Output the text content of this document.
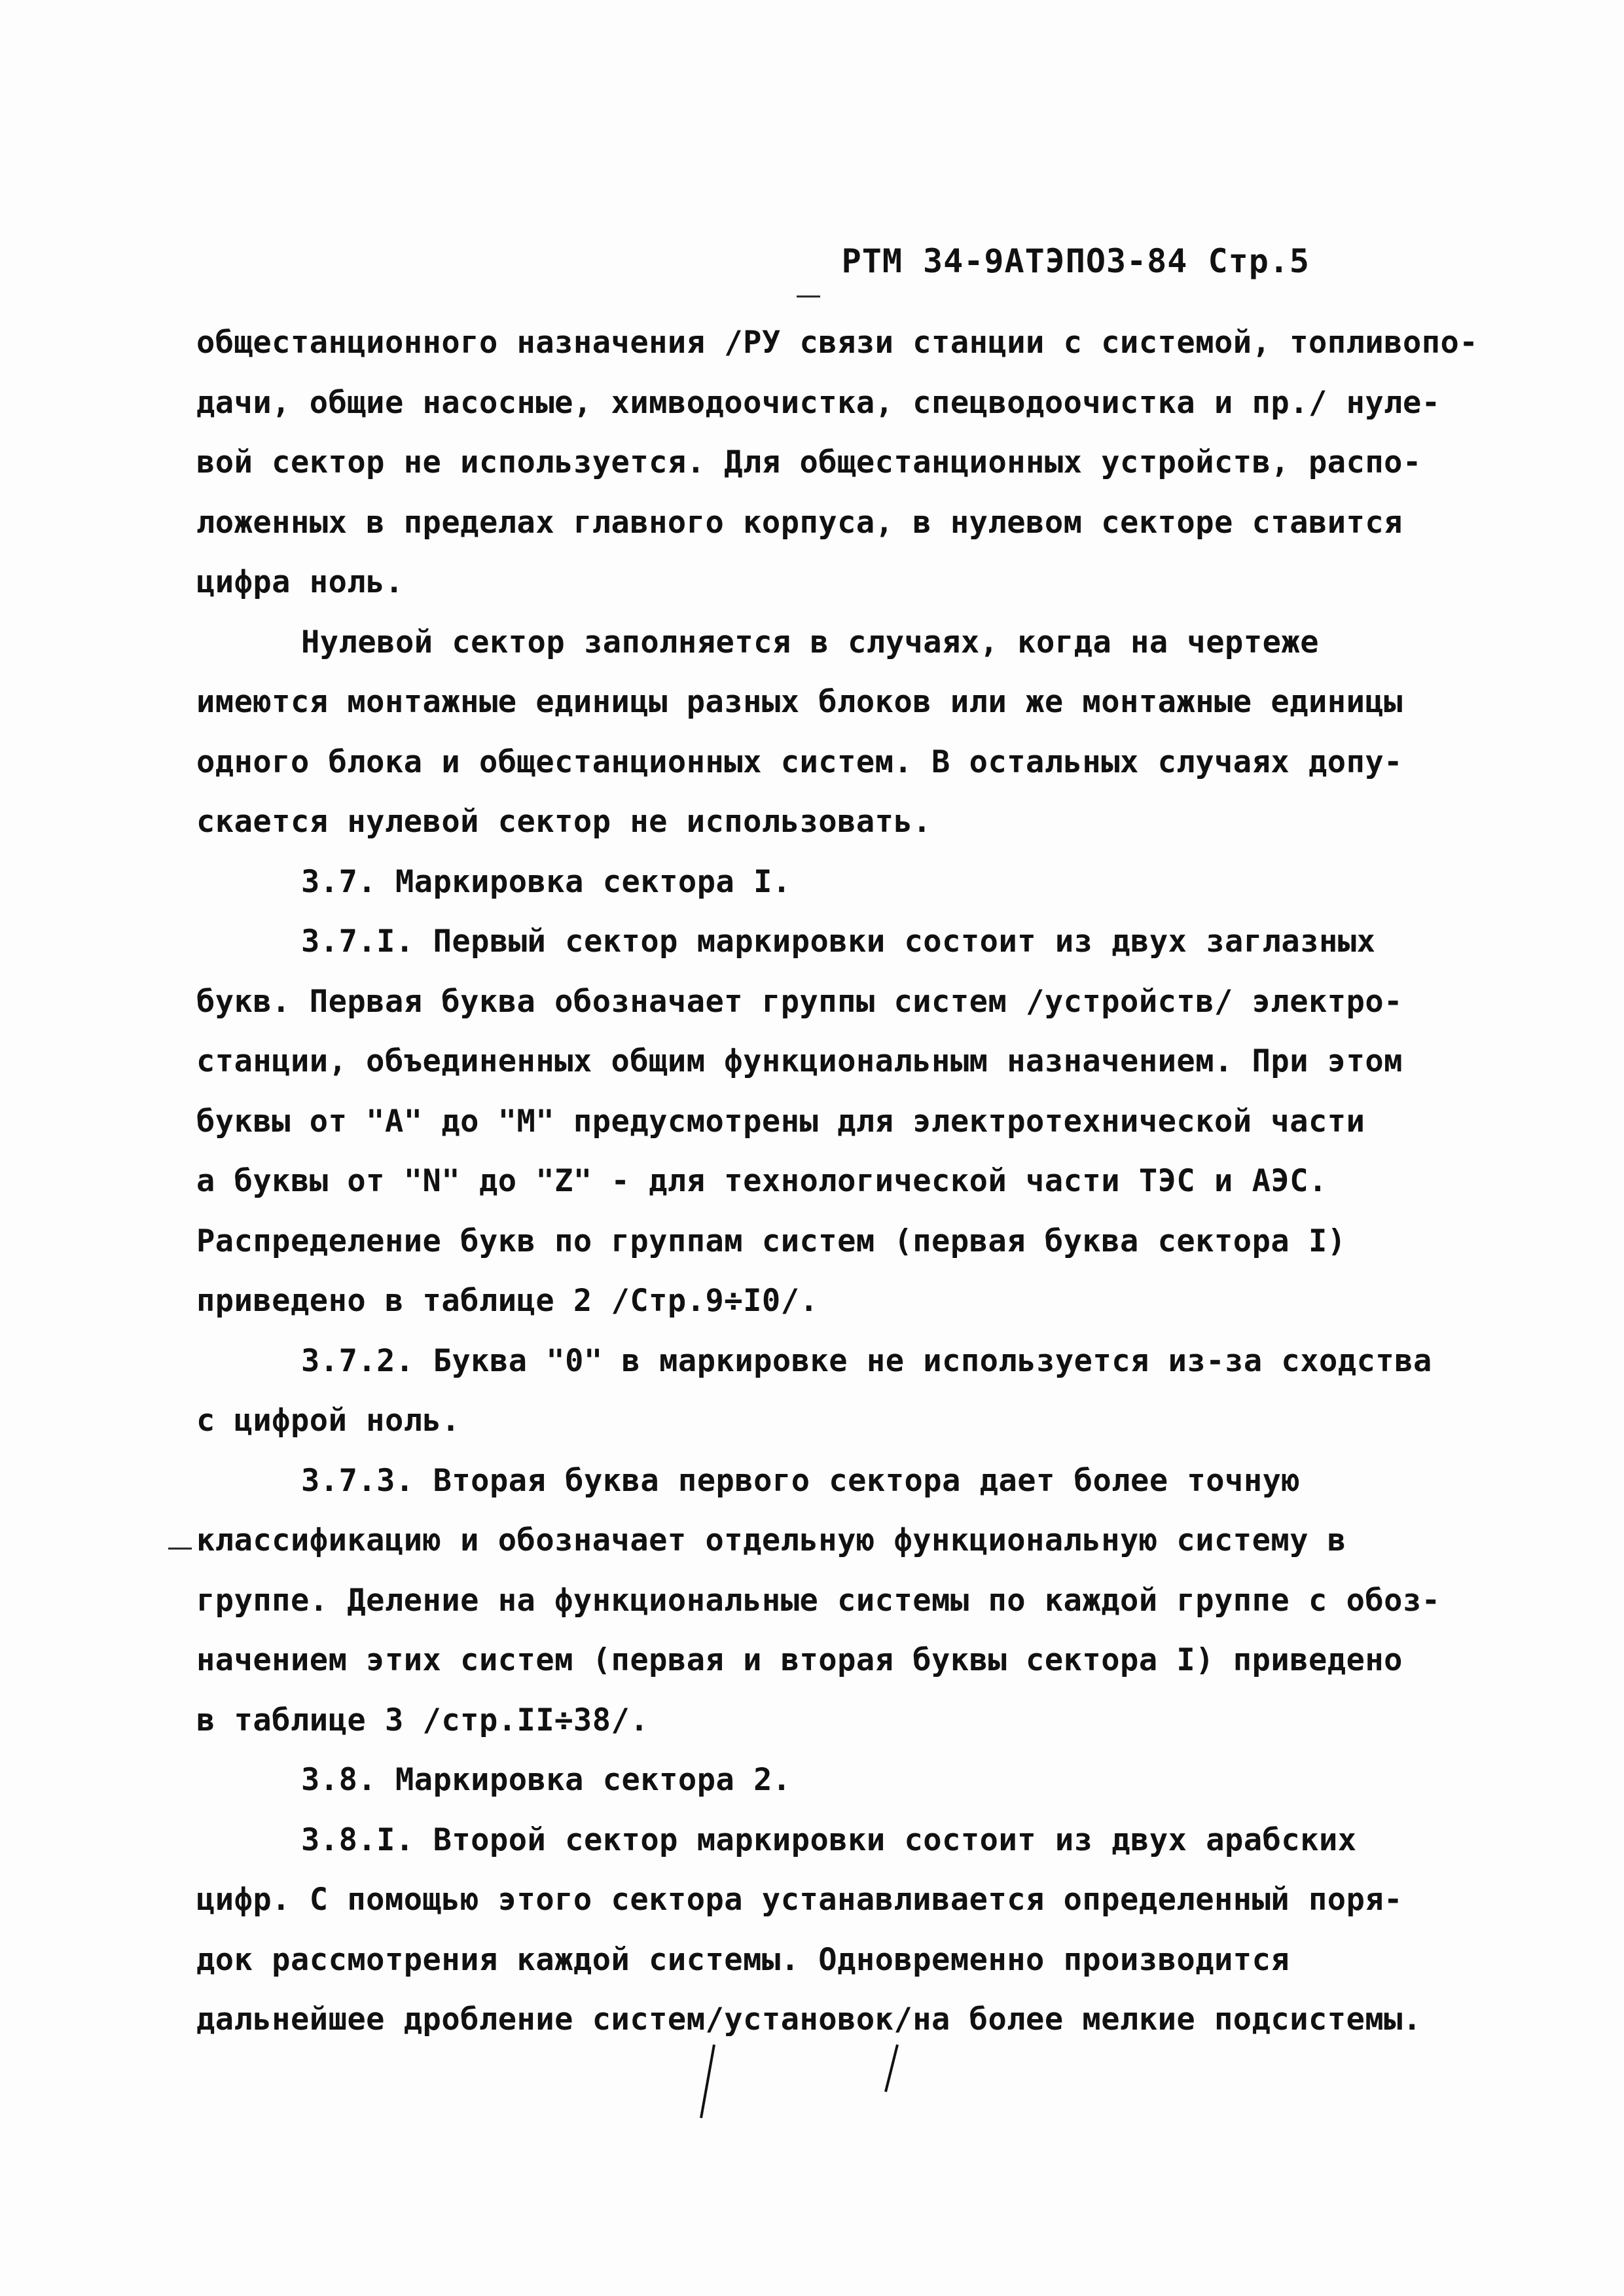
РТМ 34-9АТЭПОЗ-84 Стр.5
общестанционного назначения /РУ связи станции с системой, топливопо-
дачи, общие насосные, химводоочистка, спецводоочистка и пр./ нуле-
вой сектор не используется. Для общестанционных устройств, распо-
ложенных в пределах главного корпуса, в нулевом секторе ставится
цифра ноль.
Нулевой сектор заполняется в случаях, когда на чертеже
имеются монтажные единицы разных блоков или же монтажные единицы
одного блока и общестанционных систем. В остальных случаях допу-
скается нулевой сектор не использовать.
3.7. Маркировка сектора I.
3.7.I. Первый сектор маркировки состоит из двух заглазных
букв. Первая буква обозначает группы систем /устройств/ электро-
станции, объединенных общим функциональным назначением. При этом
буквы от "А" до "М" предусмотрены для электротехнической части
а буквы от "N" до "Z" - для технологической части ТЭС и АЭС.
Распределение букв по группам систем (первая буква сектора I)
приведено в таблице 2 /Стр.9÷I0/.
3.7.2. Буква "0" в маркировке не используется из-за сходства
с цифрой ноль.
3.7.3. Вторая буква первого сектора дает более точную
классификацию и обозначает отдельную функциональную систему в
группе. Деление на функциональные системы по каждой группе с обоз-
начением этих систем (первая и вторая буквы сектора I) приведено
в таблице 3 /стр.II÷38/.
3.8. Маркировка сектора 2.
3.8.I. Второй сектор маркировки состоит из двух арабских
цифр. С помощью этого сектора устанавливается определенный поря-
док рассмотрения каждой системы. Одновременно производится
дальнейшее дробление систем/установок/на более мелкие подсистемы.
